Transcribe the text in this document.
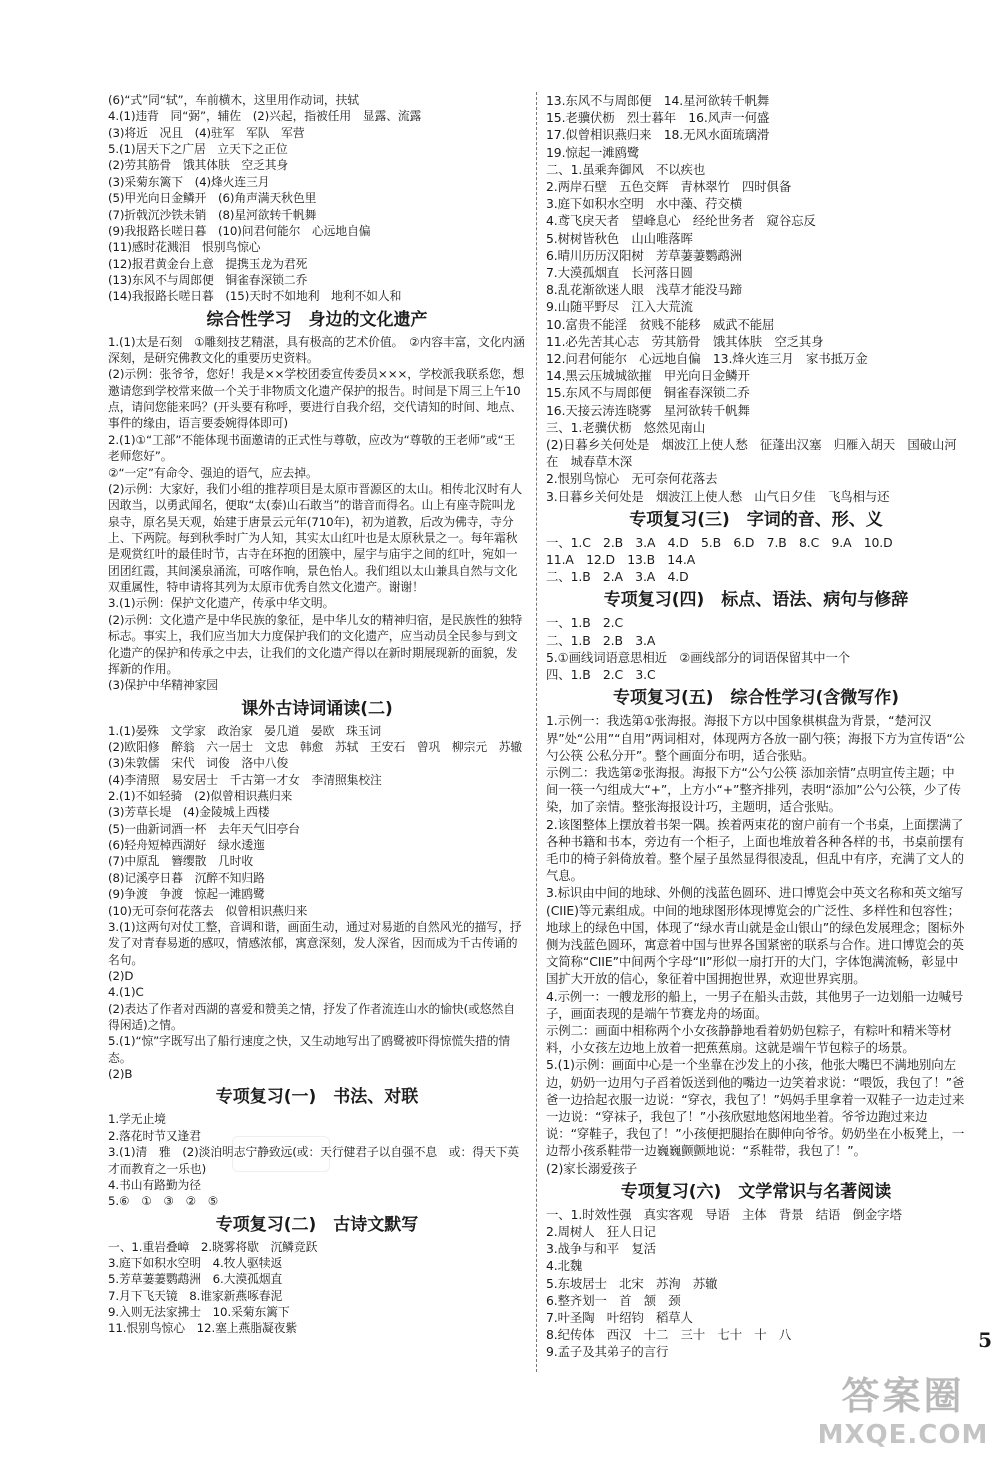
(6)“式”同“轼”，车前横木，这里用作动词，扶轼
4.(1)违背　同“弼”，辅佐　(2)兴起，指被任用　显露、流露
(3)将近　况且　(4)驻军　军队　军营
5.(1)居天下之广居　立天下之正位
(2)劳其筋骨　饿其体肤　空乏其身
(3)采菊东篱下　(4)烽火连三月
(5)甲光向日金鳞开　(6)角声满天秋色里
(7)折戟沉沙铁未销　(8)星河欲转千帆舞
(9)我报路长嗟日暮　(10)问君何能尔　心远地自偏
(11)感时花溅泪　恨别鸟惊心
(12)报君黄金台上意　提携玉龙为君死
(13)东风不与周郎便　铜雀春深锁二乔
(14)我报路长嗟日暮　(15)天时不如地利　地利不如人和
综合性学习　身边的文化遗产
1.(1)太是石刻　①雕刻技艺精湛，具有极高的艺术价值。　②内容丰富，文化内涵深刻，是研究佛教文化的重要历史资料。
(2)示例：张爷爷，您好！我是××学校团委宣传委员×××，学校派我联系您，想邀请您到学校常来做一个关于非物质文化遗产保护的报告。时间是下周三上午10点，请问您能来吗？(开头要有称呼，要进行自我介绍，交代请知的时间、地点、事件的缘由，语言要委婉得体即可)
2.(1)①“工部”不能体现书面邀请的正式性与尊敬，应改为“尊敬的王老师”或“王老师您好”。
②“一定”有命令、强迫的语气，应去掉。
(2)示例：大家好，我们小组的推荐项目是太原市晋源区的太山。相传北汉时有人因敢当，以勇武闻名，便取“太(泰)山石敢当”的谐音而得名。山上有座寺院叫龙泉寺，原名昊天观，始建于唐景云元年(710年)，初为道教，后改为佛寺，寺分上、下两院。每到秋季时广为人知，其实太山红叶也是太原秋景之一。每年霜秋是观赏红叶的最佳时节，古寺在环抱的团簇中，屋宇与庙宇之间的红叶，宛如一团团红霞，其间溪泉涌流，可喀作响，景色怡人。我们组以太山兼具自然与文化双重属性，特申请将其列为太原市优秀自然文化遗产。谢谢！
3.(1)示例：保护文化遗产，传承中华文明。
(2)示例：文化遗产是中华民族的象征，是中华儿女的精神归宿，是民族性的独特标志。事实上，我们应当加大力度保护我们的文化遗产，应当动员全民参与到文化遗产的保护和传承之中去，让我们的文化遗产得以在新时期展现新的面貌，发挥新的作用。
(3)保护中华精神家园
课外古诗词诵读(二)
1.(1)晏殊　文学家　政治家　晏几道　晏欧　珠玉词
(2)欧阳修　醉翁　六一居士　文忠　韩愈　苏轼　王安石　曾巩　柳宗元　苏辙
(3)朱敦儒　宋代　词俊　洛中八俊
(4)李清照　易安居士　千古第一才女　李清照集校注
2.(1)不如轻骑　(2)似曾相识燕归来
(3)芳草长堤　(4)金陵城上西楼
(5)一曲新词酒一杯　去年天气旧亭台
(6)轻舟短棹西湖好　绿水逶迤
(7)中原乱　簪缨散　几时收
(8)记溪亭日暮　沉醉不知归路
(9)争渡　争渡　惊起一滩鸥鹭
(10)无可奈何花落去　似曾相识燕归来
3.(1)这两句对仗工整，音调和谐，画面生动，通过对易逝的自然风光的描写，抒发了对青春易逝的感叹，情感浓郁，寓意深刻，发人深省，因而成为千古传诵的名句。
(2)D
4.(1)C
(2)表达了作者对西湖的喜爱和赞美之情，抒发了作者流连山水的愉快(或悠然自得闲适)之情。
5.(1)“惊”字既写出了船行速度之快，又生动地写出了鸥鹭被吓得惊慌失措的情态。
(2)B
专项复习(一)　书法、对联
1.学无止境
2.落花时节又逢君
3.(1)清　雅　(2)淡泊明志宁静致远(或：天行健君子以自强不息　或：得天下英才而教育之一乐也)
4.书山有路勤为径
5.⑥　①　③　②　⑤
专项复习(二)　古诗文默写
一、1.重岩叠嶂　2.晓雾将歇　沉鳞竞跃
3.庭下如积水空明　4.牧人驱犊返
5.芳草萋萋鹦鹉洲　6.大漠孤烟直
7.月下飞天镜　8.谁家新燕啄春泥
9.入则无法家拂士　10.采菊东篱下
11.恨别鸟惊心　12.塞上燕脂凝夜紫
13.东风不与周郎便　14.星河欲转千帆舞
15.老骥伏枥　烈士暮年　16.风声一何盛
17.似曾相识燕归来　18.无风水面琉璃滑
19.惊起一滩鸥鹭
二、1.虽乘奔御风　不以疾也
2.两岸石壁　五色交辉　青林翠竹　四时俱备
3.庭下如积水空明　水中藻、荇交横
4.鸢飞戾天者　望峰息心　经纶世务者　窥谷忘反
5.树树皆秋色　山山唯落晖
6.晴川历历汉阳树　芳草萋萋鹦鹉洲
7.大漠孤烟直　长河落日圆
8.乱花渐欲迷人眼　浅草才能没马蹄
9.山随平野尽　江入大荒流
10.富贵不能淫　贫贱不能移　威武不能屈
11.必先苦其心志　劳其筋骨　饿其体肤　空乏其身
12.问君何能尔　心远地自偏　13.烽火连三月　家书抵万金
14.黑云压城城欲摧　甲光向日金鳞开
15.东风不与周郎便　铜雀春深锁二乔
16.天接云涛连晓雾　星河欲转千帆舞
三、1.老骥伏枥　悠然见南山
(2)日暮乡关何处是　烟波江上使人愁　征蓬出汉塞　归雁入胡天　国破山河在　城春草木深
2.恨别鸟惊心　无可奈何花落去
3.日暮乡关何处是　烟波江上使人愁　山气日夕佳　飞鸟相与还
专项复习(三)　字词的音、形、义
一、1.C　2.B　3.A　4.D　5.B　6.D　7.B　8.C　9.A　10.D
11.A　12.D　13.B　14.A
二、1.B　2.A　3.A　4.D
专项复习(四)　标点、语法、病句与修辞
一、1.B　2.C
二、1.B　2.B　3.A
5.①画线词语意思相近　②画线部分的词语保留其中一个
四、1.B　2.C　3.C
专项复习(五)　综合性学习(含微写作)
1.示例一：我选第①张海报。海报下方以中国象棋棋盘为背景，“楚河汉界”处“公用”“自用”两词相对，体现两方各放一副勺筷；海报下方为宣传语“公勺公筷 公私分开”。整个画面分布明，适合张贴。
示例二：我选第②张海报。海报下方“公勺公筷 添加亲情”点明宣传主题；中间一筷一勺组成大“+”，上方小“+”整齐排列，表明“添加”公勺公筷，少了传染，加了亲情。整张海报设计巧，主题明，适合张贴。
2.该图整体上摆放着书架一隅。挨着两束花的窗户前有一个书桌，上面摆满了各种书籍和书本，旁边有一个柜子，上面也堆放着各种各样的书，书桌前摆有毛巾的椅子斜倚放着。整个屋子虽然显得很凌乱，但乱中有序，充满了文人的气息。
3.标识由中间的地球、外侧的浅蓝色圆环、进口博览会中英文名称和英文缩写(CIIE)等元素组成。中间的地球图形体现博览会的广泛性、多样性和包容性；地球上的绿色中国，体现了“绿水青山就是金山银山”的绿色发展理念；图标外侧为浅蓝色圆环，寓意着中国与世界各国紧密的联系与合作。进口博览会的英文简称“CIIE”中间两个字母“II”形似一扇打开的大门，字体饱满流畅，彰显中国扩大开放的信心，象征着中国拥抱世界，欢迎世界宾朋。
4.示例一：一艘龙形的船上，一男子在船头击鼓，其他男子一边划船一边喊号子，画面表现的是端午节赛龙舟的场面。
示例二：画面中相称两个小女孩静静地看着奶奶包粽子，有粽叶和精米等材料，小女孩左边地上放着一把蕉蕉扇。这就是端午节包粽子的场景。
5.(1)示例：画面中心是一个坐靠在沙发上的小孩，他张大嘴巴不满地别向左边，奶奶一边用勺子舀着饭送到他的嘴边一边笑着求说：“喂饭，我包了！”爸爸一边拾起衣服一边说：“穿衣，我包了！”妈妈手里拿着一双鞋子一边走过来一边说：“穿袜子，我包了！”小孩欣慰地悠闲地坐着。爷爷边跑过来边说：“穿鞋子，我包了！”小孩便把腿抬在脚伸向爷爷。奶奶坐在小板凳上，一边帮小孩系鞋带一边巍巍颤颤地说：“系鞋带，我包了！”。
(2)家长溺爱孩子
专项复习(六)　文学常识与名著阅读
一、1.时效性强　真实客观　导语　主体　背景　结语　倒金字塔
2.周树人　狂人日记
3.战争与和平　复活
4.北魏
5.东坡居士　北宋　苏洵　苏辙
6.整齐划一　首　颔　颈
7.叶圣陶　叶绍钧　稻草人
8.纪传体　西汉　十二　三十　七十　十　八
9.孟子及其弟子的言行	5
答案圈
MXQE.COM
